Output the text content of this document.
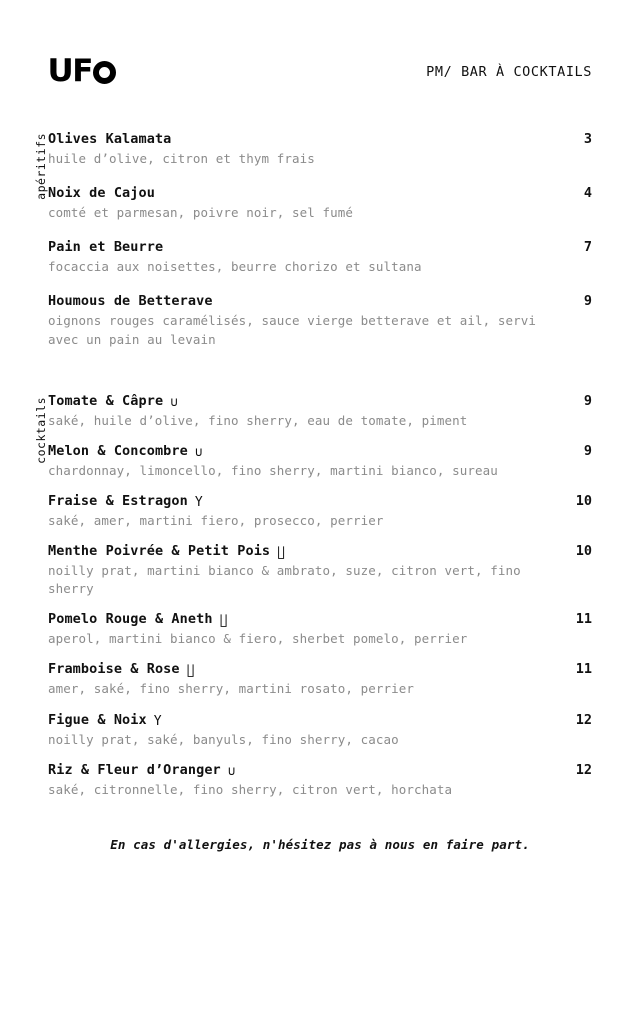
U F	PM/ BAR À COCKTAILS
apéritifs Olives Kalamata	3
huile d’olive, citron et thym frais
Noix de Cajou	4
comté et parmesan, poivre noir, sel fumé
Pain et Beurre	7
focaccia aux noisettes, beurre chorizo et sultana
Houmous de Betterave	9
oignons rouges caramélisés, sauce vierge betterave et ail, servi avec un pain au levain
cocktails Tomate & Câpre ∪	9
saké, huile d’olive, fino sherry, eau de tomate, piment
Melon & Concombre ∪	9
chardonnay, limoncello, fino sherry, martini bianco, sureau
Fraise & Estragon Y	10
saké, amer, martini fiero, prosecco, perrier
Menthe Poivrée & Petit Pois ∐	10
noilly prat, martini bianco & ambrato, suze, citron vert, fino sherry
Pomelo Rouge & Aneth ∐	11
aperol, martini bianco & fiero, sherbet pomelo, perrier
Framboise & Rose ∐	11
amer, saké, fino sherry, martini rosato, perrier
Figue & Noix Y	12
noilly prat, saké, banyuls, fino sherry, cacao
Riz & Fleur d’Oranger ∪	12
saké, citronnelle, fino sherry, citron vert, horchata
En cas d'allergies, n'hésitez pas à nous en faire part.
